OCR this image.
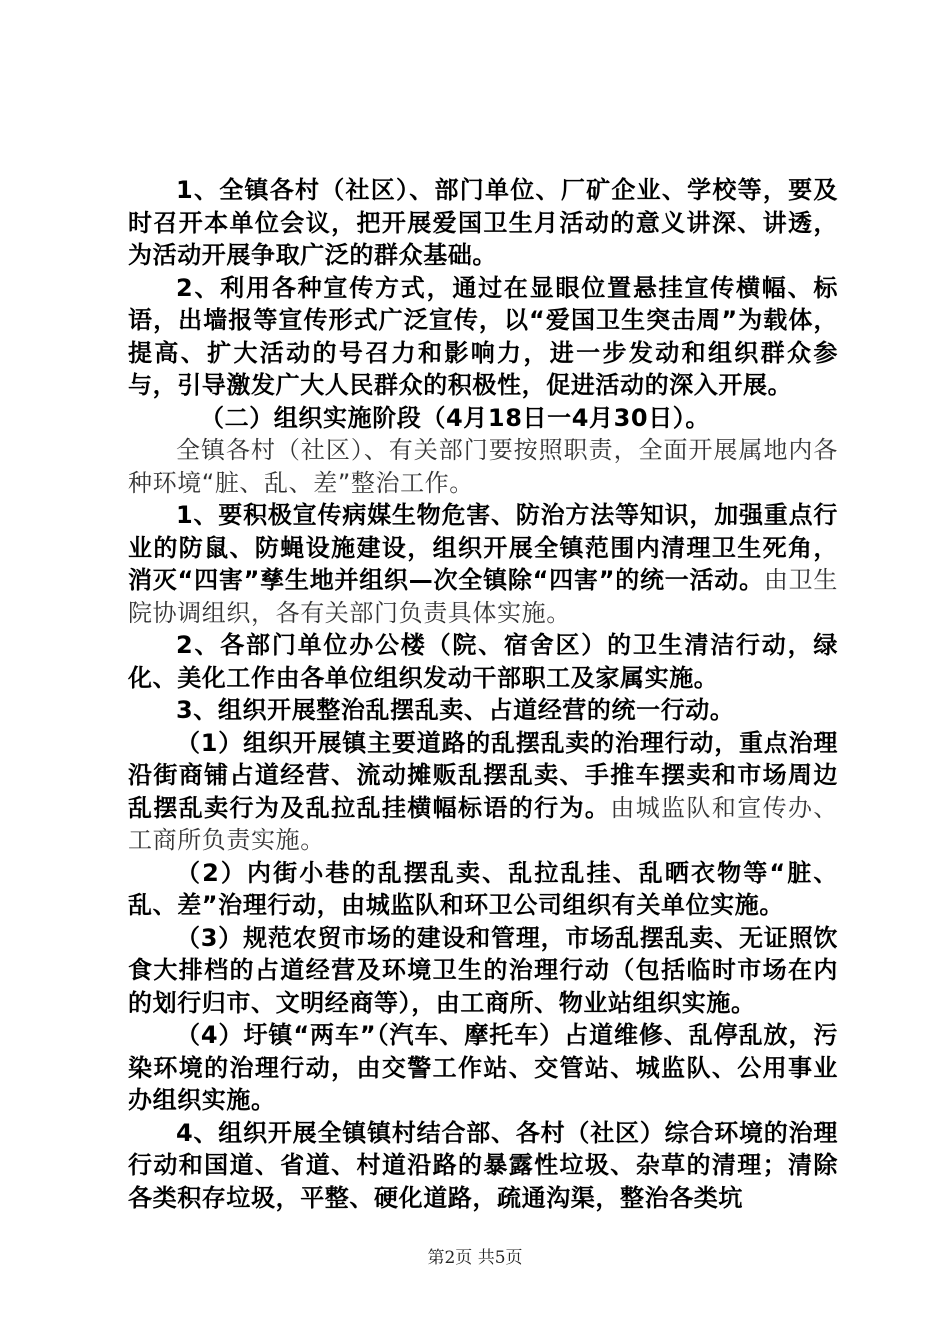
1、全镇各村（社区）、部门单位、厂矿企业、学校等，要及时召开本单位会议，把开展爱国卫生月活动的意义讲深、讲透，为活动开展争取广泛的群众基础。

2、利用各种宣传方式，通过在显眼位置悬挂宣传横幅、标语，出墙报等宣传形式广泛宣传，以“爱国卫生突击周”为载体，提高、扩大活动的号召力和影响力，进一步发动和组织群众参与，引导激发广大人民群众的积极性，促进活动的深入开展。

（二）组织实施阶段（4月18日一4月30日）。

全镇各村（社区）、有关部门要按照职责，全面开展属地内各种环境“脏、乱、差”整治工作。

1、要积极宣传病媒生物危害、防治方法等知识，加强重点行业的防鼠、防蝇设施建设，组织开展全镇范围内清理卫生死角，消灭“四害”孳生地并组织—次全镇除“四害”的统一活动。由卫生院协调组织，各有关部门负责具体实施。

2、各部门单位办公楼（院、宿舍区）的卫生清洁行动，绿化、美化工作由各单位组织发动干部职工及家属实施。

3、组织开展整治乱摆乱卖、占道经营的统一行动。

（1）组织开展镇主要道路的乱摆乱卖的治理行动，重点治理沿街商铺占道经营、流动摊贩乱摆乱卖、手推车摆卖和市场周边乱摆乱卖行为及乱拉乱挂横幅标语的行为。由城监队和宣传办、工商所负责实施。

（2）内街小巷的乱摆乱卖、乱拉乱挂、乱晒衣物等“脏、乱、差”治理行动，由城监队和环卫公司组织有关单位实施。

（3）规范农贸市场的建设和管理，市场乱摆乱卖、无证照饮食大排档的占道经营及环境卫生的治理行动（包括临时市场在内的划行归市、文明经商等），由工商所、物业站组织实施。

（4）圩镇“两车”（汽车、摩托车）占道维修、乱停乱放，污染环境的治理行动，由交警工作站、交管站、城监队、公用事业办组织实施。

4、组织开展全镇镇村结合部、各村（社区）综合环境的治理行动和国道、省道、村道沿路的暴露性垃圾、杂草的清理；清除各类积存垃圾，平整、硬化道路，疏通沟渠，整治各类坑

第2页 共5页
